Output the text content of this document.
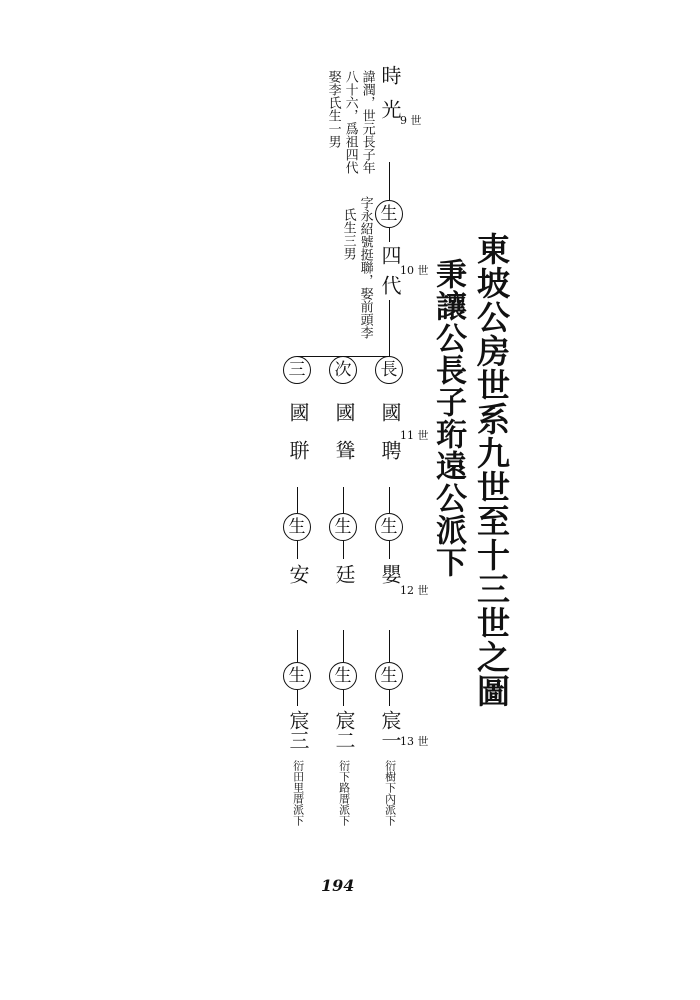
東坡公房世系九世至十三世之圖
秉讓公長子珩遠公派下
9 世
10 世
11 世
12 世
13 世
時光
諱潤，世元長子年
八十六，爲祖四代
娶李氏生一男
生
四代
字永紹號挺聯，娶前頭李
氏生三男
長
次
三
國聘
國聳
國聠
生
生
生
嬰
廷
安
生
生
生
宸一
宸二
宸三
衍樹下內派下
衍下路厝派下
衍田里厝派下
194
